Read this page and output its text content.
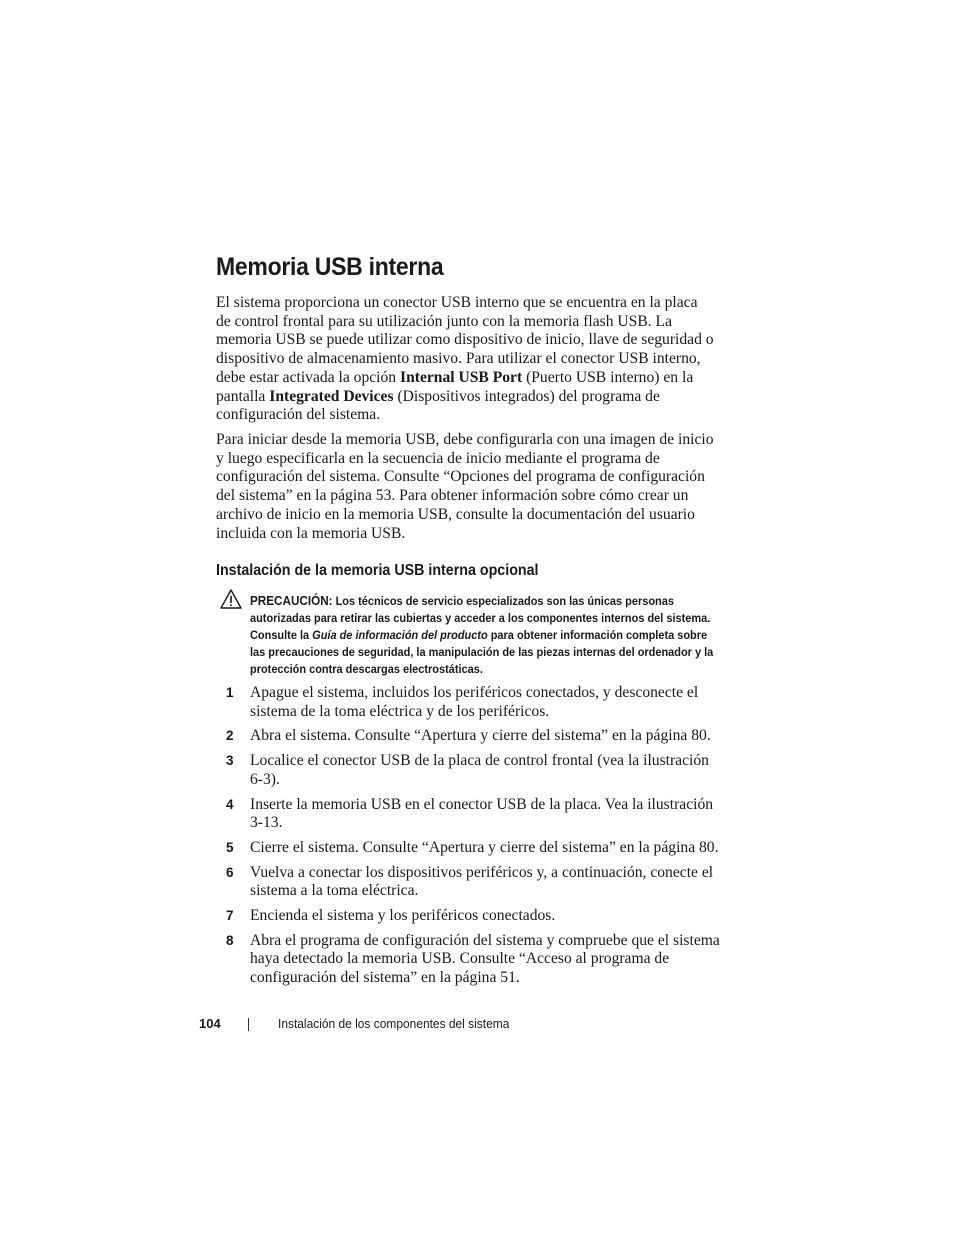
Memoria USB interna
El sistema proporciona un conector USB interno que se encuentra en la placa de control frontal para su utilización junto con la memoria flash USB. La memoria USB se puede utilizar como dispositivo de inicio, llave de seguridad o dispositivo de almacenamiento masivo. Para utilizar el conector USB interno, debe estar activada la opción Internal USB Port (Puerto USB interno) en la pantalla Integrated Devices (Dispositivos integrados) del programa de configuración del sistema.
Para iniciar desde la memoria USB, debe configurarla con una imagen de inicio y luego especificarla en la secuencia de inicio mediante el programa de configuración del sistema. Consulte “Opciones del programa de configuración del sistema” en la página 53. Para obtener información sobre cómo crear un archivo de inicio en la memoria USB, consulte la documentación del usuario incluida con la memoria USB.
Instalación de la memoria USB interna opcional
PRECAUCIÓN: Los técnicos de servicio especializados son las únicas personas autorizadas para retirar las cubiertas y acceder a los componentes internos del sistema. Consulte la Guía de información del producto para obtener información completa sobre las precauciones de seguridad, la manipulación de las piezas internas del ordenador y la protección contra descargas electrostáticas.
1 Apague el sistema, incluidos los periféricos conectados, y desconecte el sistema de la toma eléctrica y de los periféricos.
2 Abra el sistema. Consulte “Apertura y cierre del sistema” en la página 80.
3 Localice el conector USB de la placa de control frontal (vea la ilustración 6-3).
4 Inserte la memoria USB en el conector USB de la placa. Vea la ilustración 3-13.
5 Cierre el sistema. Consulte “Apertura y cierre del sistema” en la página 80.
6 Vuelva a conectar los dispositivos periféricos y, a continuación, conecte el sistema a la toma eléctrica.
7 Encienda el sistema y los periféricos conectados.
8 Abra el programa de configuración del sistema y compruebe que el sistema haya detectado la memoria USB. Consulte “Acceso al programa de configuración del sistema” en la página 51.
104	Instalación de los componentes del sistema
